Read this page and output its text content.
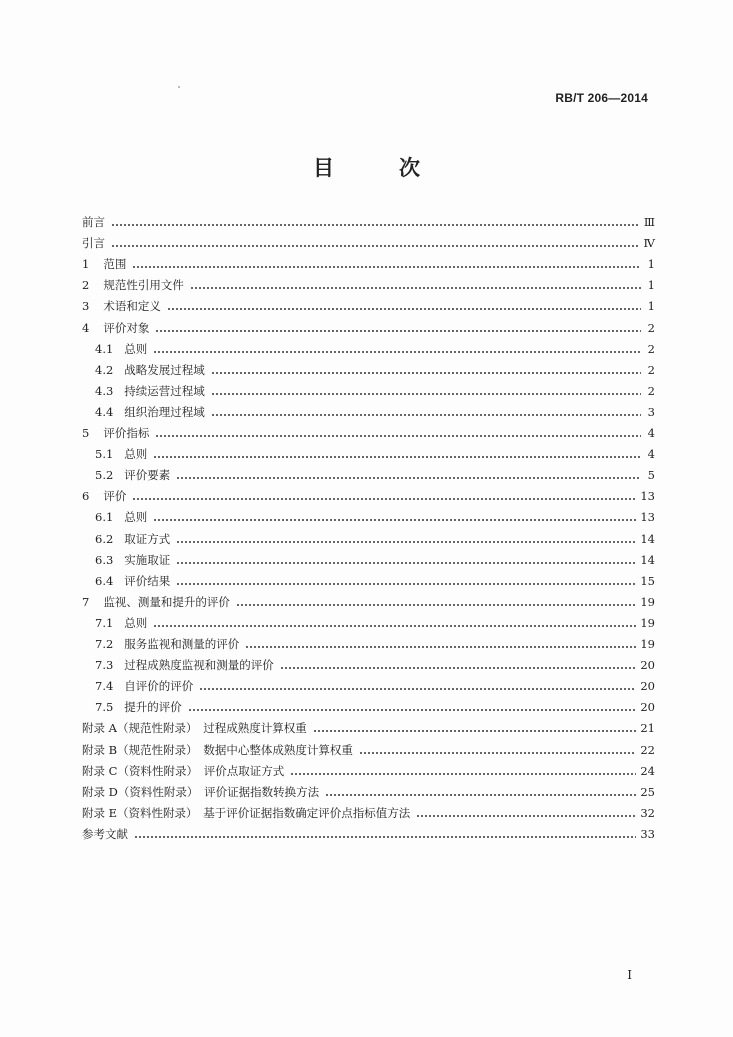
RB/T 206—2014
目　次
前言	Ⅲ
引言	Ⅳ
1 范围	1
2 规范性引用文件	1
3 术语和定义	1
4 评价对象	2
4.1 总则	2
4.2 战略发展过程域	2
4.3 持续运营过程域	2
4.4 组织治理过程域	3
5 评价指标	4
5.1 总则	4
5.2 评价要素	5
6 评价	13
6.1 总则	13
6.2 取证方式	14
6.3 实施取证	14
6.4 评价结果	15
7 监视、测量和提升的评价	19
7.1 总则	19
7.2 服务监视和测量的评价	19
7.3 过程成熟度监视和测量的评价	20
7.4 自评价的评价	20
7.5 提升的评价	20
附录 A（规范性附录）　过程成熟度计算权重	21
附录 B（规范性附录）　数据中心整体成熟度计算权重	22
附录 C（资料性附录）　评价点取证方式	24
附录 D（资料性附录）　评价证据指数转换方法	25
附录 E（资料性附录）　基于评价证据指数确定评价点指标值方法	32
参考文献	33
I
